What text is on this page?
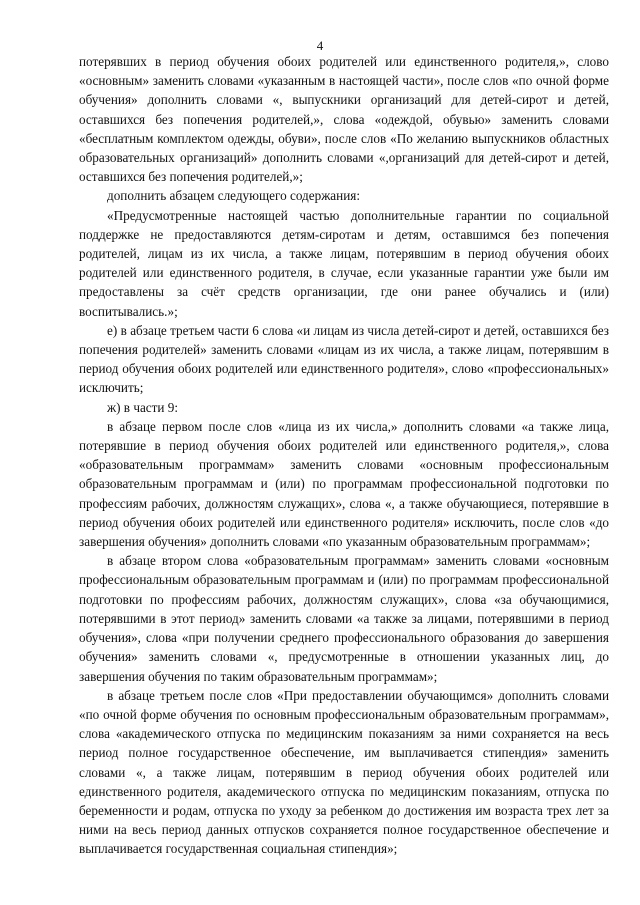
4

потерявших в период обучения обоих родителей или единственного родителя,», слово «основным» заменить словами «указанным в настоящей части», после слов «по очной форме обучения» дополнить словами «, выпускники организаций для детей-сирот и детей, оставшихся без попечения родителей,», слова «одеждой, обувью» заменить словами «бесплатным комплектом одежды, обуви», после слов «По желанию выпускников областных образовательных организаций» дополнить словами «,организаций для детей-сирот и детей, оставшихся без попечения родителей,»;

дополнить абзацем следующего содержания:

«Предусмотренные настоящей частью дополнительные гарантии по социальной поддержке не предоставляются детям-сиротам и детям, оставшимся без попечения родителей, лицам из их числа, а также лицам, потерявшим в период обучения обоих родителей или единственного родителя, в случае, если указанные гарантии уже были им предоставлены за счёт средств организации, где они ранее обучались и (или) воспитывались.»;

е) в абзаце третьем части 6 слова «и лицам из числа детей-сирот и детей, оставшихся без попечения родителей» заменить словами «лицам из их числа, а также лицам, потерявшим в период обучения обоих родителей или единственного родителя», слово «профессиональных» исключить;

ж) в части 9:

в абзаце первом после слов «лица из их числа,» дополнить словами «а также лица, потерявшие в период обучения обоих родителей или единственного родителя,», слова «образовательным программам» заменить словами «основным профессиональным образовательным программам и (или) по программам профессиональной подготовки по профессиям рабочих, должностям служащих», слова «, а также обучающиеся, потерявшие в период обучения обоих родителей или единственного родителя» исключить, после слов «до завершения обучения» дополнить словами «по указанным образовательным программам»;

в абзаце втором слова «образовательным программам» заменить словами «основным профессиональным образовательным программам и (или) по программам профессиональной подготовки по профессиям рабочих, должностям служащих», слова «за обучающимися, потерявшими в этот период» заменить словами «а также за лицами, потерявшими в период обучения», слова «при получении среднего профессионального образования до завершения обучения» заменить словами «, предусмотренные в отношении указанных лиц, до завершения обучения по таким образовательным программам»;

в абзаце третьем после слов «При предоставлении обучающимся» дополнить словами «по очной форме обучения по основным профессиональным образовательным программам», слова «академического отпуска по медицинским показаниям за ними сохраняется на весь период полное государственное обеспечение, им выплачивается стипендия» заменить словами «, а также лицам, потерявшим в период обучения обоих родителей или единственного родителя, академического отпуска по медицинским показаниям, отпуска по беременности и родам, отпуска по уходу за ребенком до достижения им возраста трех лет за ними на весь период данных отпусков сохраняется полное государственное обеспечение и выплачивается государственная социальная стипендия»;
